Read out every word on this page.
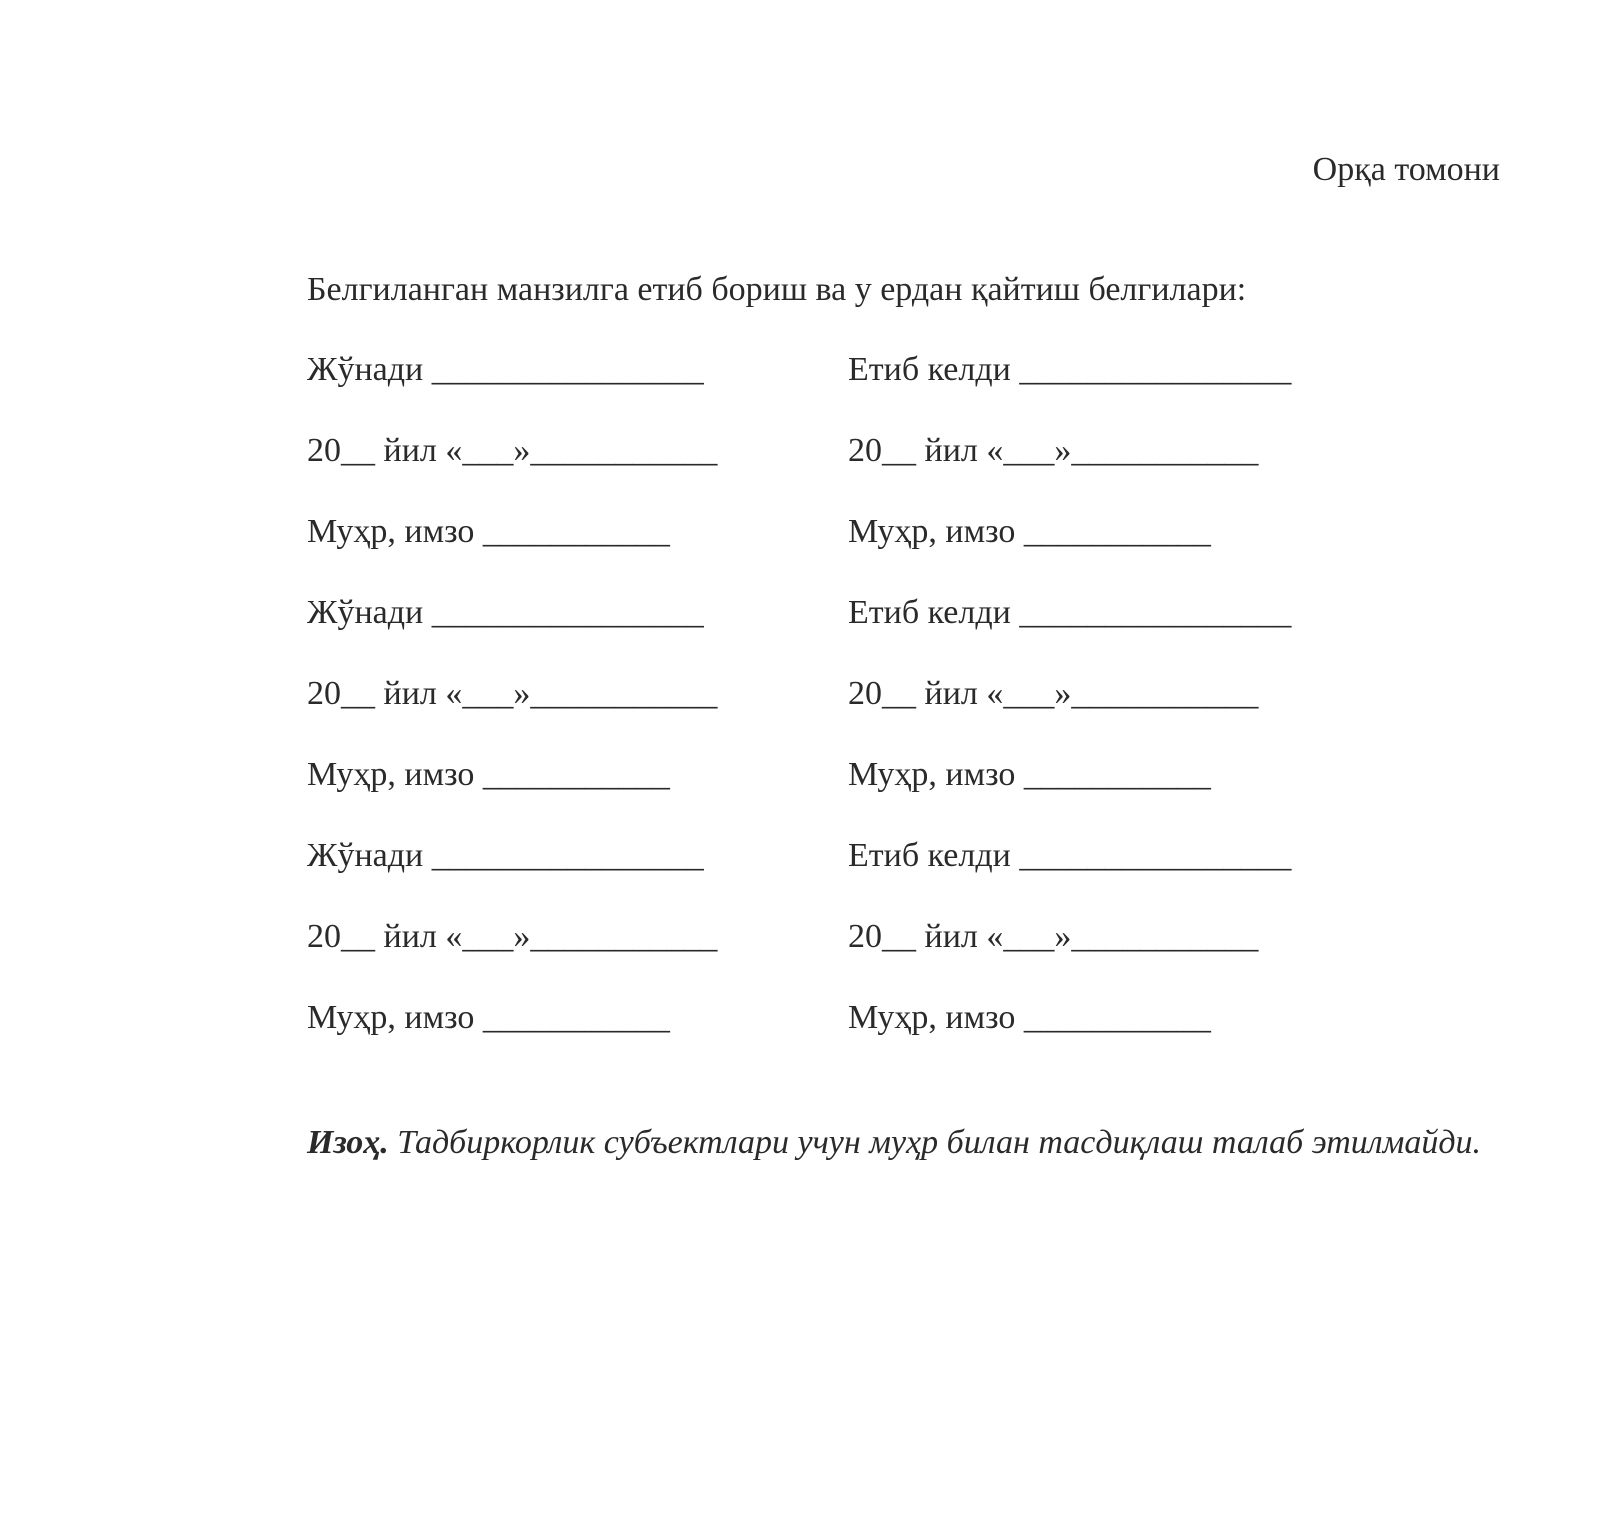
Орқа томони
Белгиланган манзилга етиб бориш ва у ердан қайтиш белгилари:
Жўнади ________________	Етиб келди ________________
20__ йил «___»___________	20__ йил «___»___________
Муҳр, имзо ___________	Муҳр, имзо ___________
Жўнади ________________	Етиб келди ________________
20__ йил «___»___________	20__ йил «___»___________
Муҳр, имзо ___________	Муҳр, имзо ___________
Жўнади ________________	Етиб келди ________________
20__ йил «___»___________	20__ йил «___»___________
Муҳр, имзо ___________	Муҳр, имзо ___________
Изоҳ. Тадбиркорлик субъектлари учун муҳр билан тасдиқлаш талаб этилмайди.
